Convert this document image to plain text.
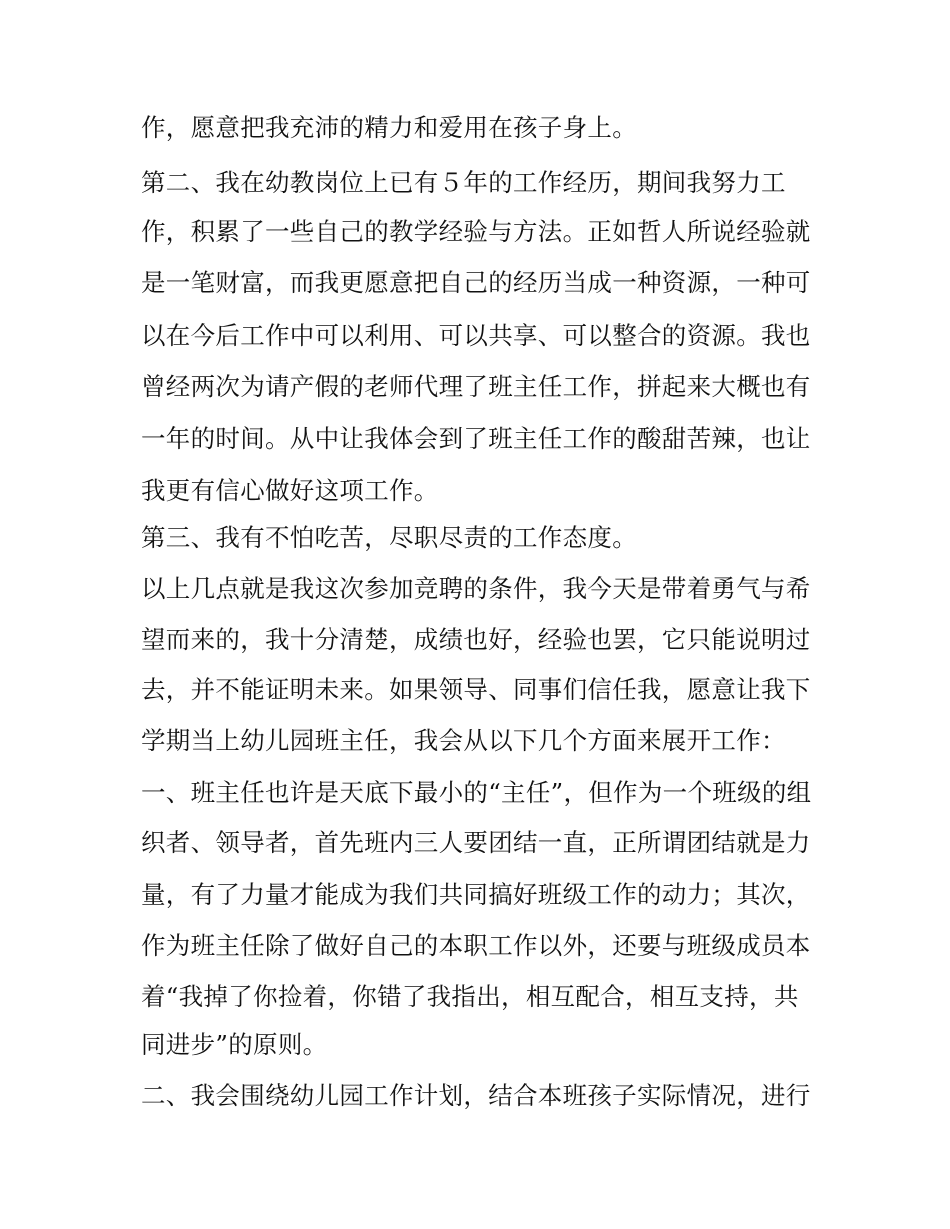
作，愿意把我充沛的精力和爱用在孩子身上。
第二、我在幼教岗位上已有５年的工作经历，期间我努力工
作，积累了一些自己的教学经验与方法。正如哲人所说经验就
是一笔财富，而我更愿意把自己的经历当成一种资源，一种可
以在今后工作中可以利用、可以共享、可以整合的资源。我也
曾经两次为请产假的老师代理了班主任工作，拼起来大概也有
一年的时间。从中让我体会到了班主任工作的酸甜苦辣，也让
我更有信心做好这项工作。
第三、我有不怕吃苦，尽职尽责的工作态度。
以上几点就是我这次参加竞聘的条件，我今天是带着勇气与希
望而来的，我十分清楚，成绩也好，经验也罢，它只能说明过
去，并不能证明未来。如果领导、同事们信任我，愿意让我下
学期当上幼儿园班主任，我会从以下几个方面来展开工作：
一、班主任也许是天底下最小的“主任”，但作为一个班级的组
织者、领导者，首先班内三人要团结一直，正所谓团结就是力
量，有了力量才能成为我们共同搞好班级工作的动力；其次，
作为班主任除了做好自己的本职工作以外，还要与班级成员本
着“我掉了你捡着，你错了我指出，相互配合，相互支持，共
同进步”的原则。
二、我会围绕幼儿园工作计划，结合本班孩子实际情况，进行
